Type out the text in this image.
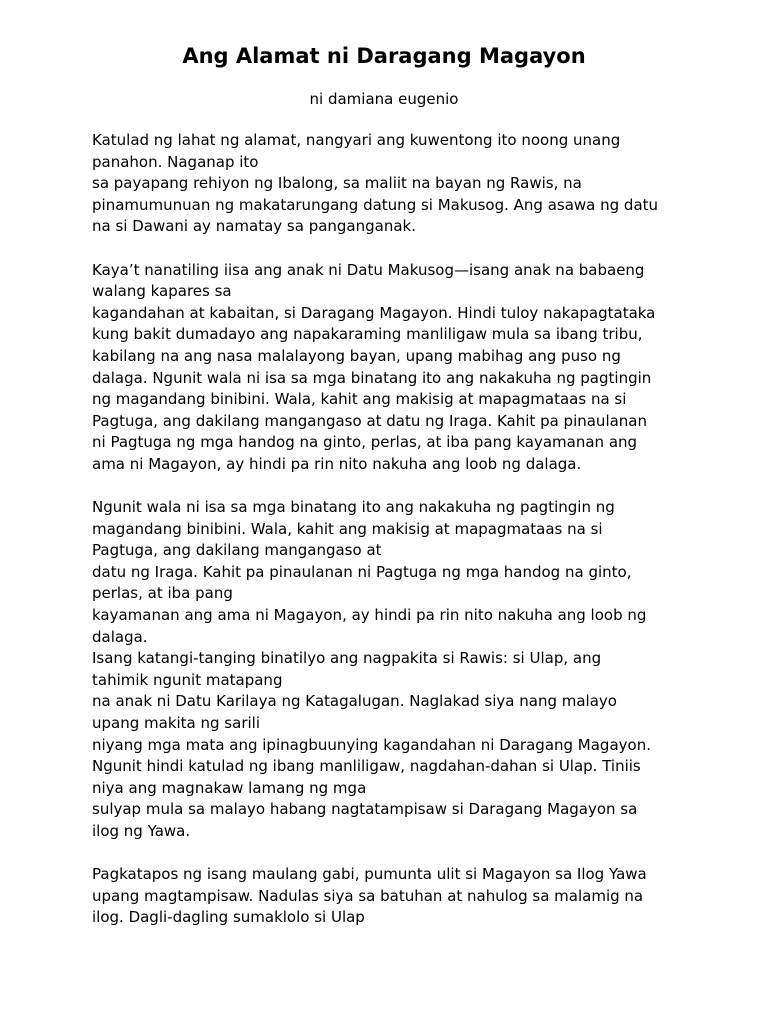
Ang Alamat ni Daragang Magayon

ni damiana eugenio

Katulad ng lahat ng alamat, nangyari ang kuwentong ito noong unang
panahon. Naganap ito
sa payapang rehiyon ng Ibalong, sa maliit na bayan ng Rawis, na
pinamumunuan ng makatarungang datung si Makusog. Ang asawa ng datu
na si Dawani ay namatay sa panganganak.

Kaya’t nanatiling iisa ang anak ni Datu Makusog—isang anak na babaeng
walang kapares sa
kagandahan at kabaitan, si Daragang Magayon. Hindi tuloy nakapagtataka
kung bakit dumadayo ang napakaraming manliligaw mula sa ibang tribu,
kabilang na ang nasa malalayong bayan, upang mabihag ang puso ng
dalaga. Ngunit wala ni isa sa mga binatang ito ang nakakuha ng pagtingin
ng magandang binibini. Wala, kahit ang makisig at mapagmataas na si
Pagtuga, ang dakilang mangangaso at datu ng Iraga. Kahit pa pinaulanan
ni Pagtuga ng mga handog na ginto, perlas, at iba pang kayamanan ang
ama ni Magayon, ay hindi pa rin nito nakuha ang loob ng dalaga.

Ngunit wala ni isa sa mga binatang ito ang nakakuha ng pagtingin ng
magandang binibini. Wala, kahit ang makisig at mapagmataas na si
Pagtuga, ang dakilang mangangaso at
datu ng Iraga. Kahit pa pinaulanan ni Pagtuga ng mga handog na ginto,
perlas, at iba pang
kayamanan ang ama ni Magayon, ay hindi pa rin nito nakuha ang loob ng
dalaga.
Isang katangi-tanging binatilyo ang nagpakita si Rawis: si Ulap, ang
tahimik ngunit matapang
na anak ni Datu Karilaya ng Katagalugan. Naglakad siya nang malayo
upang makita ng sarili
niyang mga mata ang ipinagbuunying kagandahan ni Daragang Magayon.
Ngunit hindi katulad ng ibang manliligaw, nagdahan-dahan si Ulap. Tiniis
niya ang magnakaw lamang ng mga
sulyap mula sa malayo habang nagtatampisaw si Daragang Magayon sa
ilog ng Yawa.

Pagkatapos ng isang maulang gabi, pumunta ulit si Magayon sa Ilog Yawa
upang magtampisaw. Nadulas siya sa batuhan at nahulog sa malamig na
ilog. Dagli-dagling sumaklolo si Ulap
